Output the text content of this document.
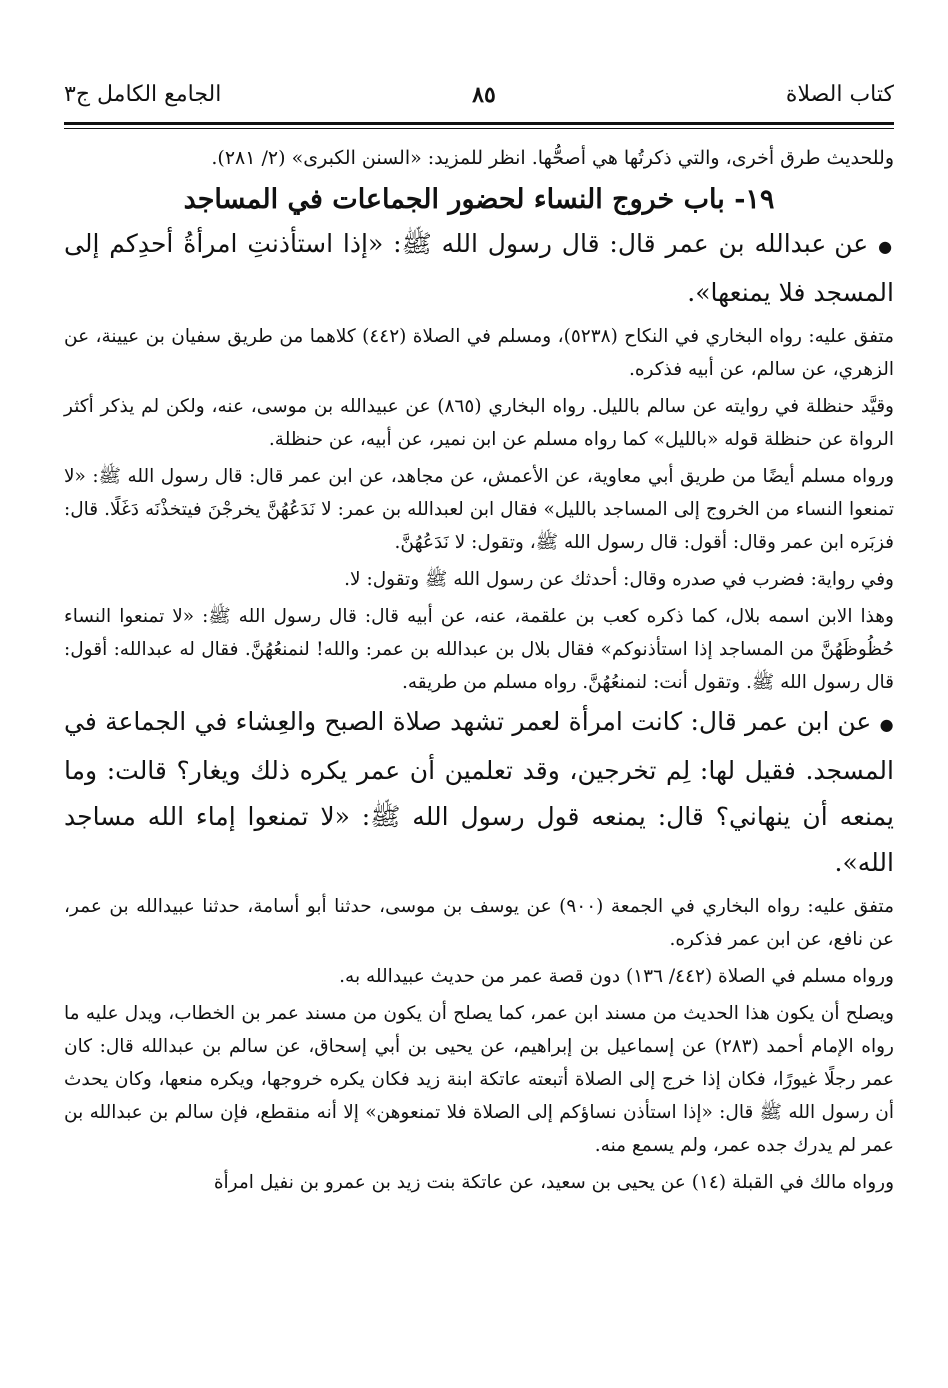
كتاب الصلاة
٨٥
الجامع الكامل ج٣

وللحديث طرق أخرى، والتي ذكرتُها هي أصحُّها. انظر للمزيد: «السنن الكبرى» (٢/ ٢٨١).

١٩- باب خروج النساء لحضور الجماعات في المساجد

● عن عبدالله بن عمر قال: قال رسول الله ﷺ: «إذا استأذنتِ امرأةُ أحدِكم إلى المسجد فلا يمنعها».

متفق عليه: رواه البخاري في النكاح (٥٢٣٨)، ومسلم في الصلاة (٤٤٢) كلاهما من طريق سفيان بن عيينة، عن الزهري، عن سالم، عن أبيه فذكره.

وقيَّد حنظلة في روايته عن سالم بالليل. رواه البخاري (٨٦٥) عن عبيدالله بن موسى، عنه، ولكن لم يذكر أكثر الرواة عن حنظلة قوله «بالليل» كما رواه مسلم عن ابن نمير، عن أبيه، عن حنظلة.

ورواه مسلم أيضًا من طريق أبي معاوية، عن الأعمش، عن مجاهد، عن ابن عمر قال: قال رسول الله ﷺ: «لا تمنعوا النساء من الخروج إلى المساجد بالليل» فقال ابن لعبدالله بن عمر: لا نَدَعُهُنَّ يخرجْنَ فيتخذْنَه دَغَلًا. قال: فزبَره ابن عمر وقال: أقول: قال رسول الله ﷺ، وتقول: لا نَدَعُهُنَّ.

وفي رواية: فضرب في صدره وقال: أحدثك عن رسول الله ﷺ وتقول: لا.

وهذا الابن اسمه بلال، كما ذكره كعب بن علقمة، عنه، عن أبيه قال: قال رسول الله ﷺ: «لا تمنعوا النساء حُظُوظَهُنَّ من المساجد إذا استأذنوكم» فقال بلال بن عبدالله بن عمر: والله! لنمنعُهُنَّ. فقال له عبدالله: أقول: قال رسول الله ﷺ. وتقول أنت: لنمنعُهُنَّ. رواه مسلم من طريقه.

● عن ابن عمر قال: كانت امرأة لعمر تشهد صلاة الصبح والعِشاء في الجماعة في المسجد. فقيل لها: لِم تخرجين، وقد تعلمين أن عمر يكره ذلك ويغار؟ قالت: وما يمنعه أن ينهاني؟ قال: يمنعه قول رسول الله ﷺ: «لا تمنعوا إماء الله مساجد الله».

متفق عليه: رواه البخاري في الجمعة (٩٠٠) عن يوسف بن موسى، حدثنا أبو أسامة، حدثنا عبيدالله بن عمر، عن نافع، عن ابن عمر فذكره.

ورواه مسلم في الصلاة (٤٤٢/ ١٣٦) دون قصة عمر من حديث عبيدالله به.

ويصلح أن يكون هذا الحديث من مسند ابن عمر، كما يصلح أن يكون من مسند عمر بن الخطاب، ويدل عليه ما رواه الإمام أحمد (٢٨٣) عن إسماعيل بن إبراهيم، عن يحيى بن أبي إسحاق، عن سالم بن عبدالله قال: كان عمر رجلًا غيورًا، فكان إذا خرج إلى الصلاة أتبعته عاتكة ابنة زيد فكان يكره خروجها، ويكره منعها، وكان يحدث أن رسول الله ﷺ قال: «إذا استأذن نساؤكم إلى الصلاة فلا تمنعوهن» إلا أنه منقطع، فإن سالم بن عبدالله بن عمر لم يدرك جده عمر، ولم يسمع منه.

ورواه مالك في القبلة (١٤) عن يحيى بن سعيد، عن عاتكة بنت زيد بن عمرو بن نفيل امرأة
